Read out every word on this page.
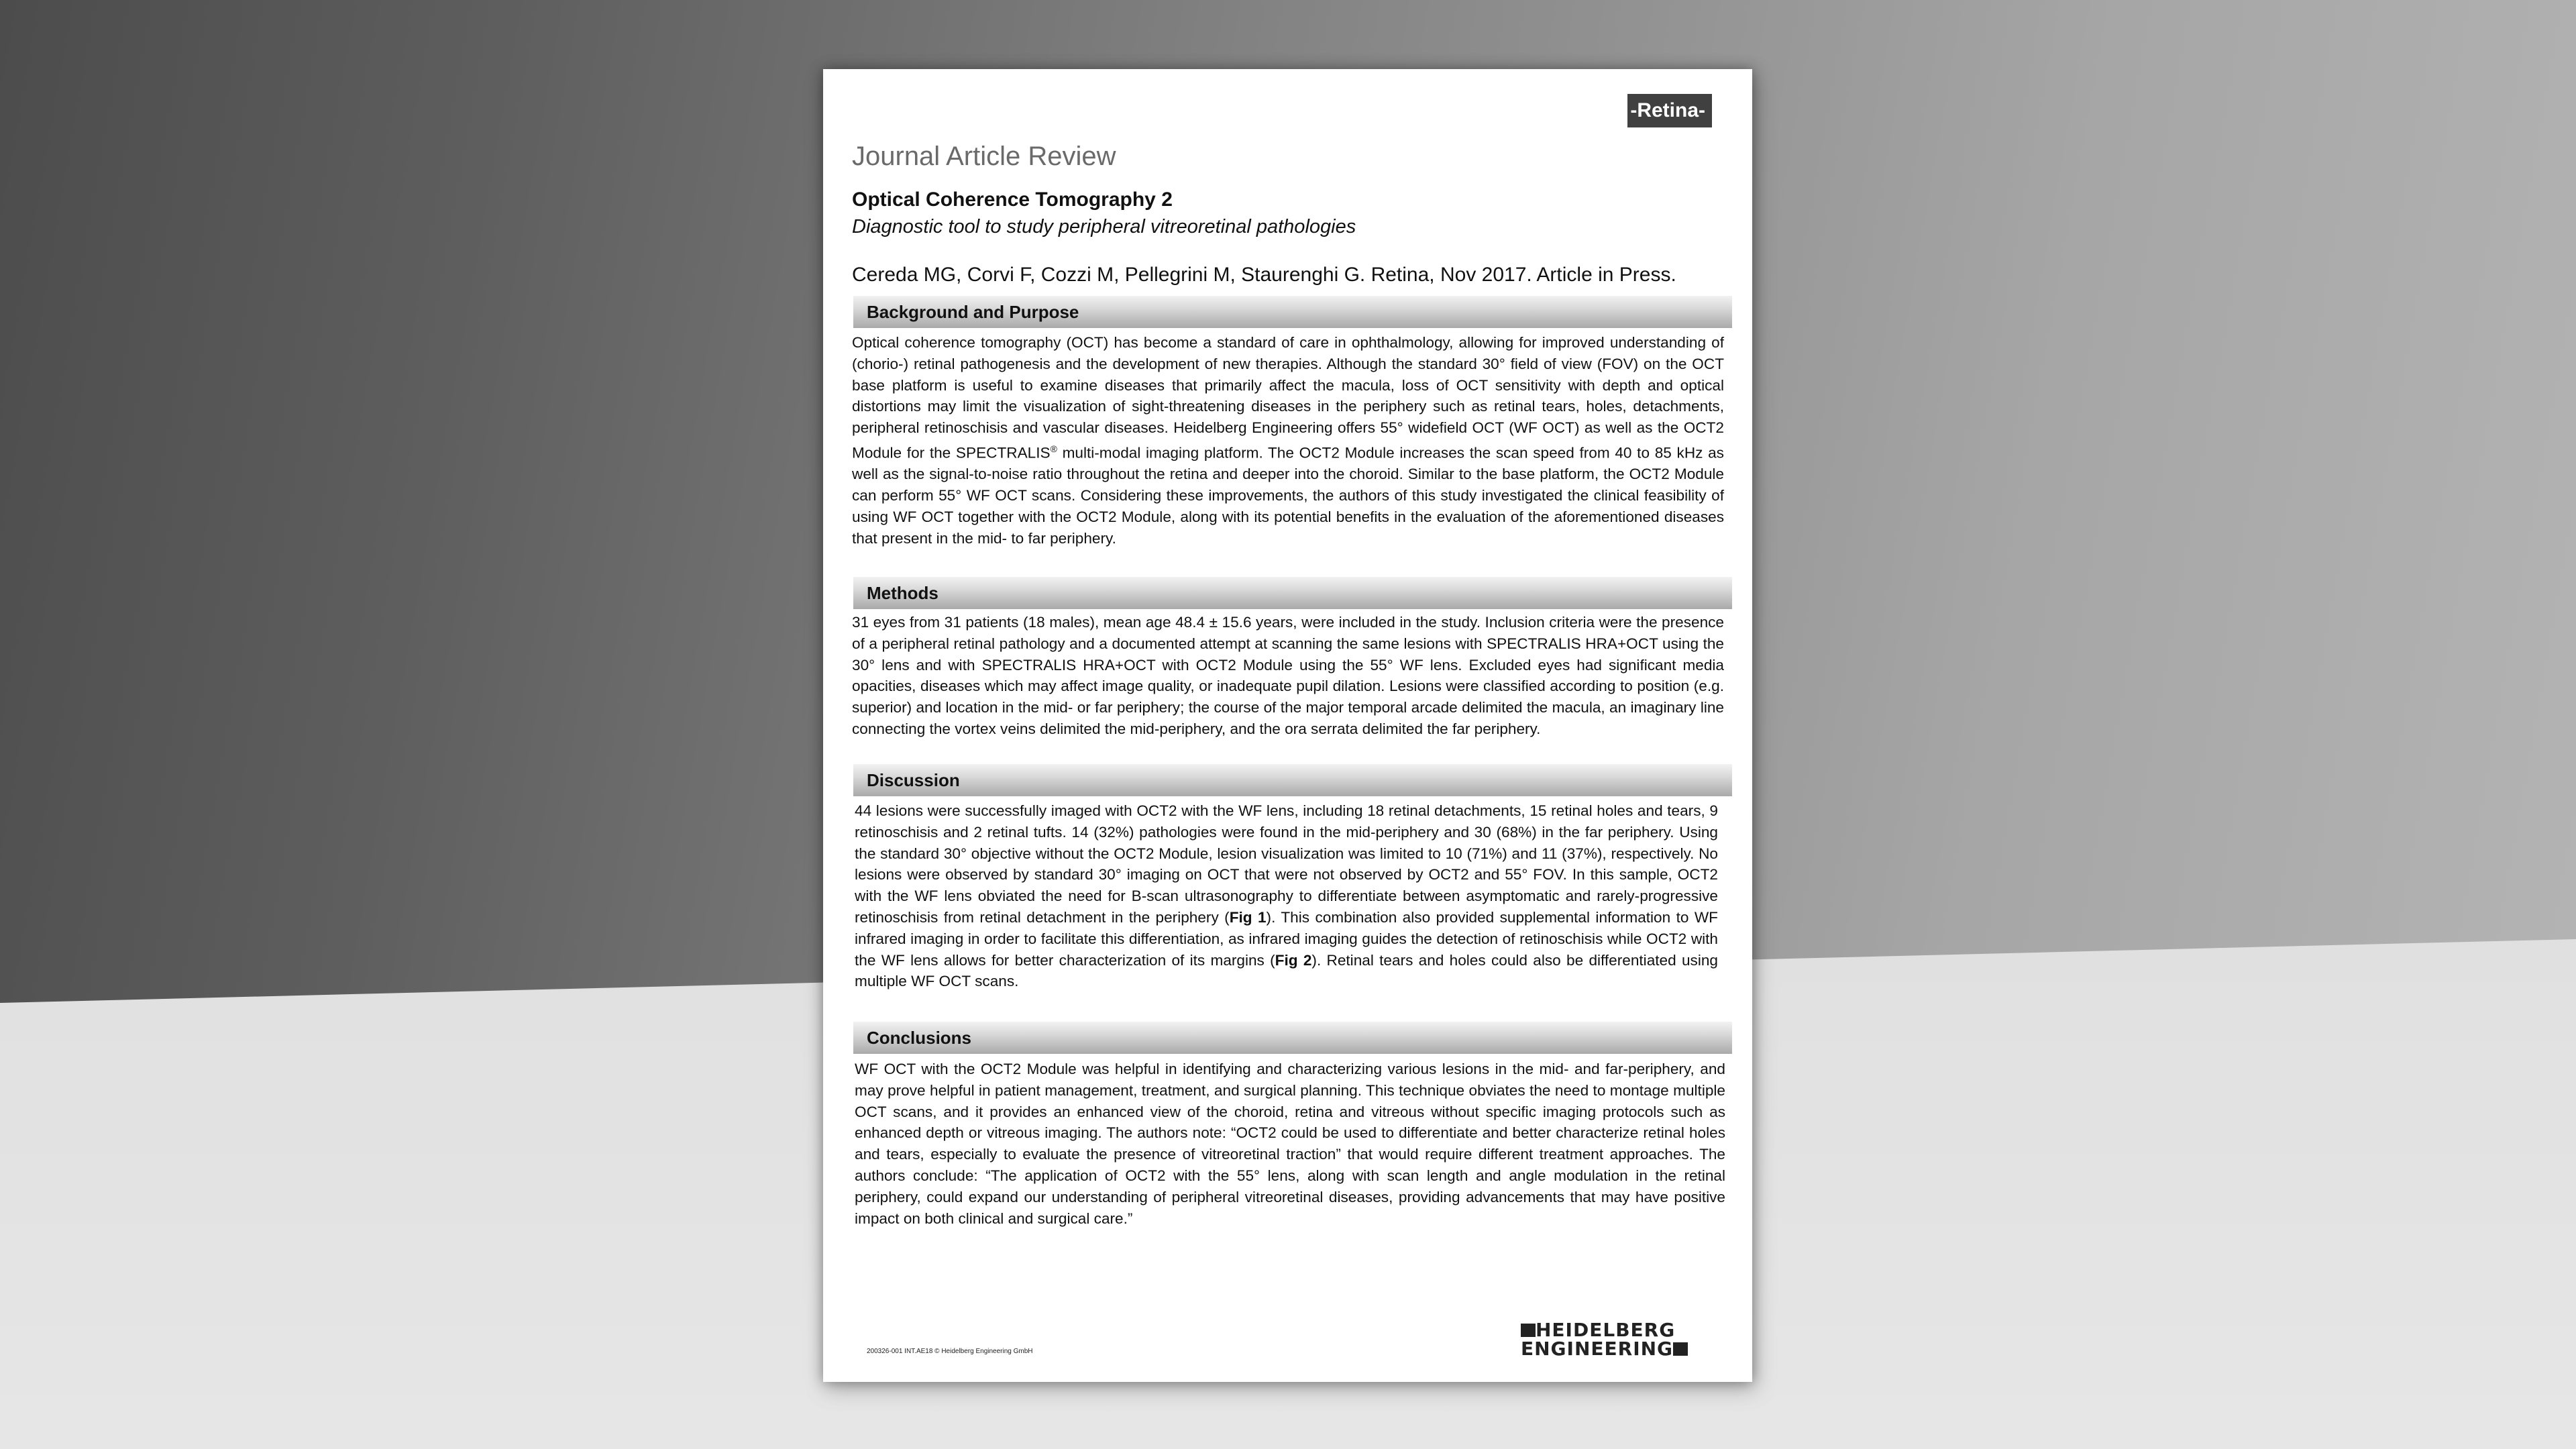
- Retina -
Journal Article Review
Optical Coherence Tomography 2

Diagnostic tool to study peripheral vitreoretinal pathologies

Cereda MG, Corvi F, Cozzi M, Pellegrini M, Staurenghi G. Retina, Nov 2017. Article in Press.

Background and Purpose

Optical coherence tomography (OCT) has become a standard of care in ophthalmology, allowing for improved understanding of (chorio-) retinal pathogenesis and the development of new therapies. Although the standard 30° field of view (FOV) on the OCT base platform is useful to examine diseases that primarily affect the macula, loss of OCT sensitivity with depth and optical distortions may limit the visualization of sight-threatening diseases in the periphery such as retinal tears, holes, detachments, peripheral retinoschisis and vascular diseases. Heidelberg Engineering offers 55° widefield OCT (WF OCT) as well as the OCT2 Module for the SPECTRALIS® multi-modal imaging platform. The OCT2 Module increases the scan speed from 40 to 85 kHz as well as the signal-to-noise ratio throughout the retina and deeper into the choroid. Similar to the base platform, the OCT2 Module can perform 55° WF OCT scans. Considering these improvements, the authors of this study investigated the clinical feasibility of using WF OCT together with the OCT2 Module, along with its potential benefits in the evaluation of the aforementioned diseases that present in the mid- to far periphery.

Methods

31 eyes from 31 patients (18 males), mean age 48.4 ± 15.6 years, were included in the study. Inclusion criteria were the presence of a peripheral retinal pathology and a documented attempt at scanning the same lesions with SPECTRALIS HRA+OCT using the 30° lens and with SPECTRALIS HRA+OCT with OCT2 Module using the 55° WF lens. Excluded eyes had significant media opacities, diseases which may affect image quality, or inadequate pupil dilation. Lesions were classified according to position (e.g. superior) and location in the mid- or far periphery; the course of the major temporal arcade delimited the macula, an imaginary line connecting the vortex veins delimited the mid-periphery, and the ora serrata delimited the far periphery.

Discussion

44 lesions were successfully imaged with OCT2 with the WF lens, including 18 retinal detachments, 15 retinal holes and tears, 9 retinoschisis and 2 retinal tufts. 14 (32%) pathologies were found in the mid-periphery and 30 (68%) in the far periphery. Using the standard 30° objective without the OCT2 Module, lesion visualization was limited to 10 (71%) and 11 (37%), respectively. No lesions were observed by standard 30° imaging on OCT that were not observed by OCT2 and 55° FOV. In this sample, OCT2 with the WF lens obviated the need for B-scan ultrasonography to differentiate between asymptomatic and rarely-progressive retinoschisis from retinal detachment in the periphery (Fig 1). This combination also provided supplemental information to WF infrared imaging in order to facilitate this differentiation, as infrared imaging guides the detection of retinoschisis while OCT2 with the WF lens allows for better characterization of its margins (Fig 2). Retinal tears and holes could also be differentiated using multiple WF OCT scans.

Conclusions

WF OCT with the OCT2 Module was helpful in identifying and characterizing various lesions in the mid- and far-periphery, and may prove helpful in patient management, treatment, and surgical planning. This technique obviates the need to montage multiple OCT scans, and it provides an enhanced view of the choroid, retina and vitreous without specific imaging protocols such as enhanced depth or vitreous imaging. The authors note: “OCT2 could be used to differentiate and better characterize retinal holes and tears, especially to evaluate the presence of vitreoretinal traction” that would require different treatment approaches. The authors conclude: “The application of OCT2 with the 55° lens, along with scan length and angle modulation in the retinal periphery, could expand our understanding of peripheral vitreoretinal diseases, providing advancements that may have positive impact on both clinical and surgical care.”

200326-001 INT.AE18 © Heidelberg Engineering GmbH
HEIDELBERG
ENGINEERING
